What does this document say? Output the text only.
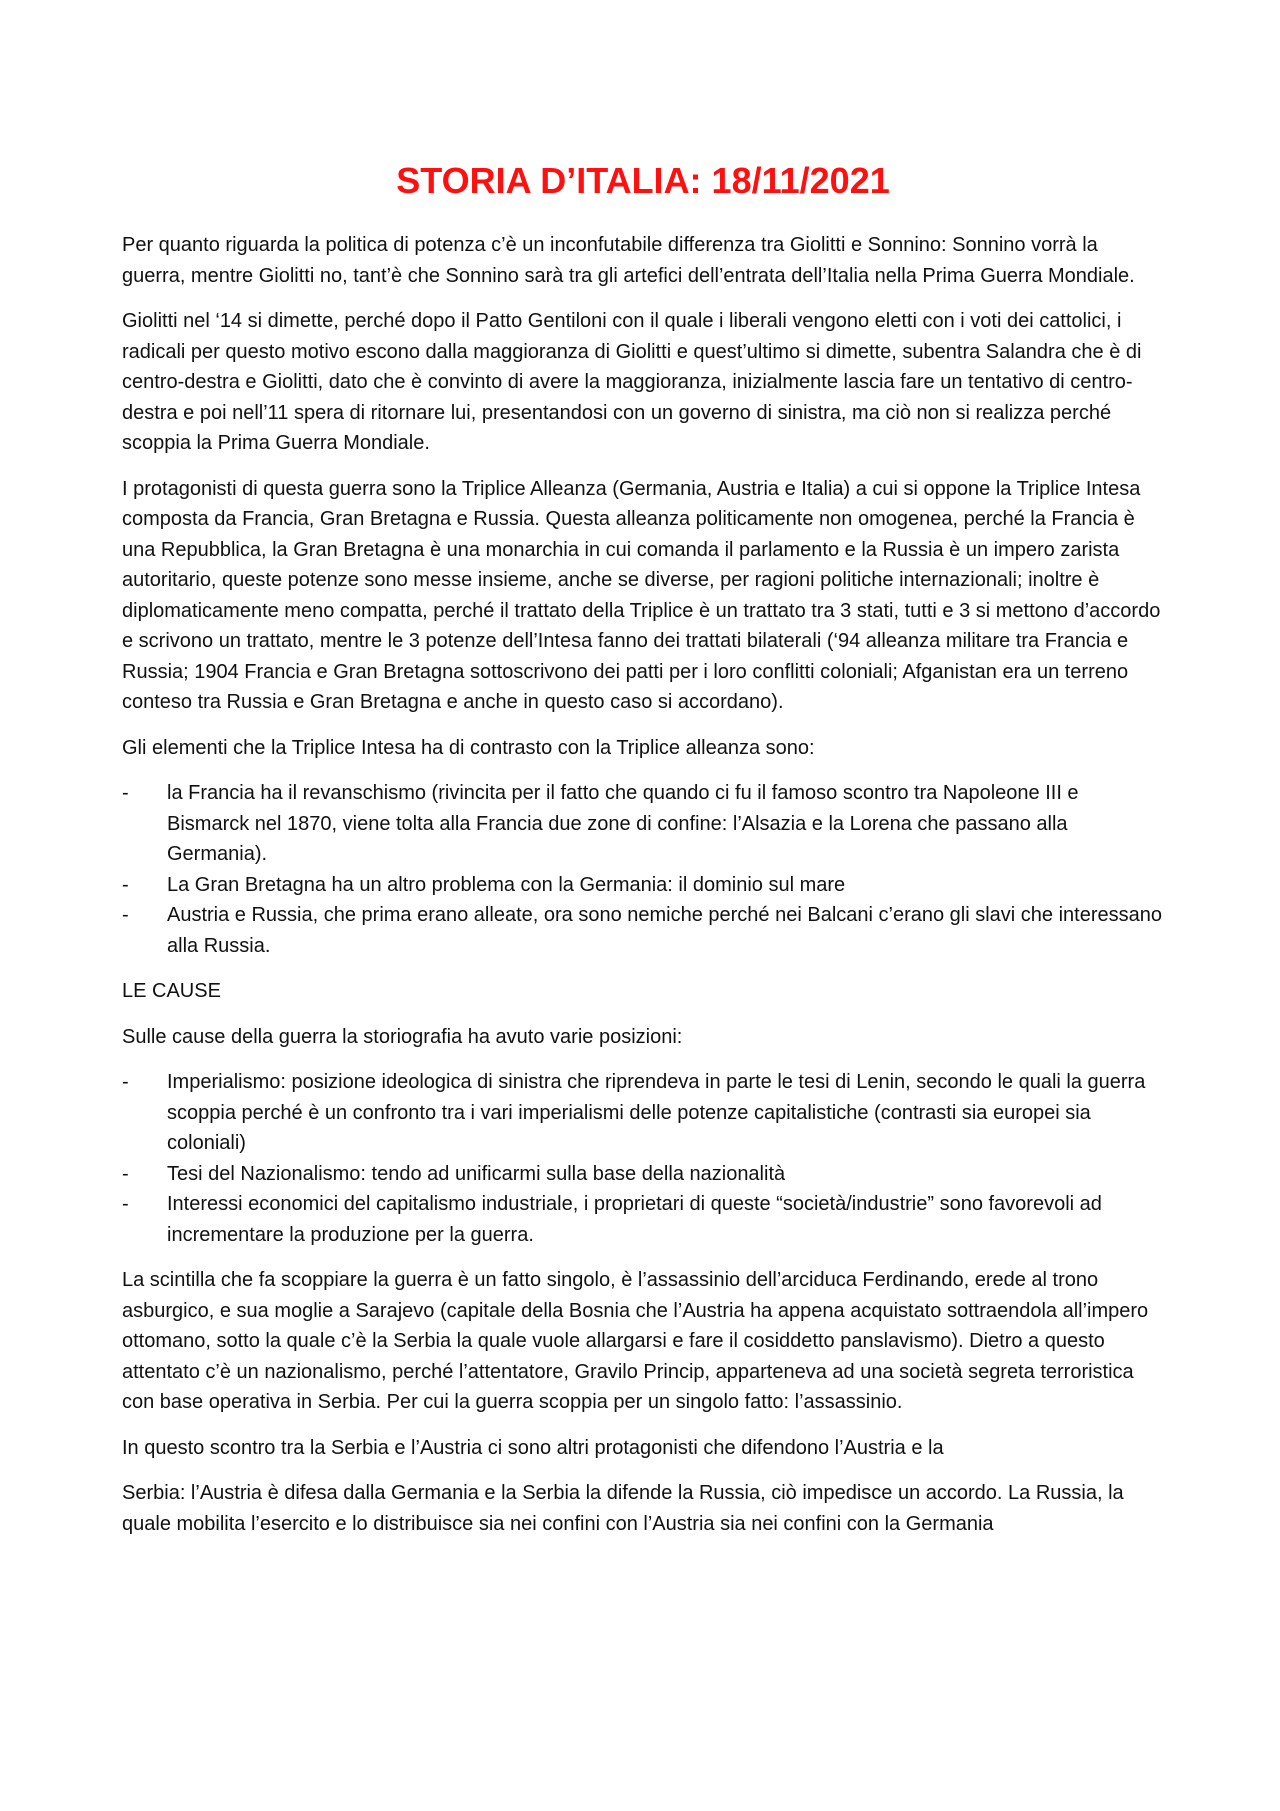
STORIA D’ITALIA: 18/11/2021

Per quanto riguarda la politica di potenza c’è un inconfutabile differenza tra Giolitti e Sonnino: Sonnino vorrà la guerra, mentre Giolitti no, tant’è che Sonnino sarà tra gli artefici dell’entrata dell’Italia nella Prima Guerra Mondiale.

Giolitti nel ‘14 si dimette, perché dopo il Patto Gentiloni con il quale i liberali vengono eletti con i voti dei cattolici, i radicali per questo motivo escono dalla maggioranza di Giolitti e quest’ultimo si dimette, subentra Salandra che è di centro-destra e Giolitti, dato che è convinto di avere la maggioranza, inizialmente lascia fare un tentativo di centro-destra e poi nell’11 spera di ritornare lui, presentandosi con un governo di sinistra, ma ciò non si realizza perché scoppia la Prima Guerra Mondiale.

I protagonisti di questa guerra sono la Triplice Alleanza (Germania, Austria e Italia) a cui si oppone la Triplice Intesa composta da Francia, Gran Bretagna e Russia. Questa alleanza politicamente non omogenea, perché la Francia è una Repubblica, la Gran Bretagna è una monarchia in cui comanda il parlamento e la Russia è un impero zarista autoritario, queste potenze sono messe insieme, anche se diverse, per ragioni politiche internazionali; inoltre è diplomaticamente meno compatta, perché il trattato della Triplice è un trattato tra 3 stati, tutti e 3 si mettono d’accordo e scrivono un trattato, mentre le 3 potenze dell’Intesa fanno dei trattati bilaterali (‘94 alleanza militare tra Francia e Russia; 1904 Francia e Gran Bretagna sottoscrivono dei patti per i loro conflitti coloniali; Afganistan era un terreno conteso tra Russia e Gran Bretagna e anche in questo caso si accordano).

Gli elementi che la Triplice Intesa ha di contrasto con la Triplice alleanza sono:

- la Francia ha il revanschismo (rivincita per il fatto che quando ci fu il famoso scontro tra Napoleone III e Bismarck nel 1870, viene tolta alla Francia due zone di confine: l’Alsazia e la Lorena che passano alla Germania).
- La Gran Bretagna ha un altro problema con la Germania: il dominio sul mare
- Austria e Russia, che prima erano alleate, ora sono nemiche perché nei Balcani c’erano gli slavi che interessano alla Russia.

LE CAUSE

Sulle cause della guerra la storiografia ha avuto varie posizioni:

- Imperialismo: posizione ideologica di sinistra che riprendeva in parte le tesi di Lenin, secondo le quali la guerra scoppia perché è un confronto tra i vari imperialismi delle potenze capitalistiche (contrasti sia europei sia coloniali)
- Tesi del Nazionalismo: tendo ad unificarmi sulla base della nazionalità
- Interessi economici del capitalismo industriale, i proprietari di queste “società/industrie” sono favorevoli ad incrementare la produzione per la guerra.

La scintilla che fa scoppiare la guerra è un fatto singolo, è l’assassinio dell’arciduca Ferdinando, erede al trono asburgico, e sua moglie a Sarajevo (capitale della Bosnia che l’Austria ha appena acquistato sottraendola all’impero ottomano, sotto la quale c’è la Serbia la quale vuole allargarsi e fare il cosiddetto panslavismo). Dietro a questo attentato c’è un nazionalismo, perché l’attentatore, Gravilo Princip, apparteneva ad una società segreta terroristica con base operativa in Serbia. Per cui la guerra scoppia per un singolo fatto: l’assassinio.

In questo scontro tra la Serbia e l’Austria ci sono altri protagonisti che difendono l’Austria e la

Serbia: l’Austria è difesa dalla Germania e la Serbia la difende la Russia, ciò impedisce un accordo. La Russia, la quale mobilita l’esercito e lo distribuisce sia nei confini con l’Austria sia nei confini con la Germania
